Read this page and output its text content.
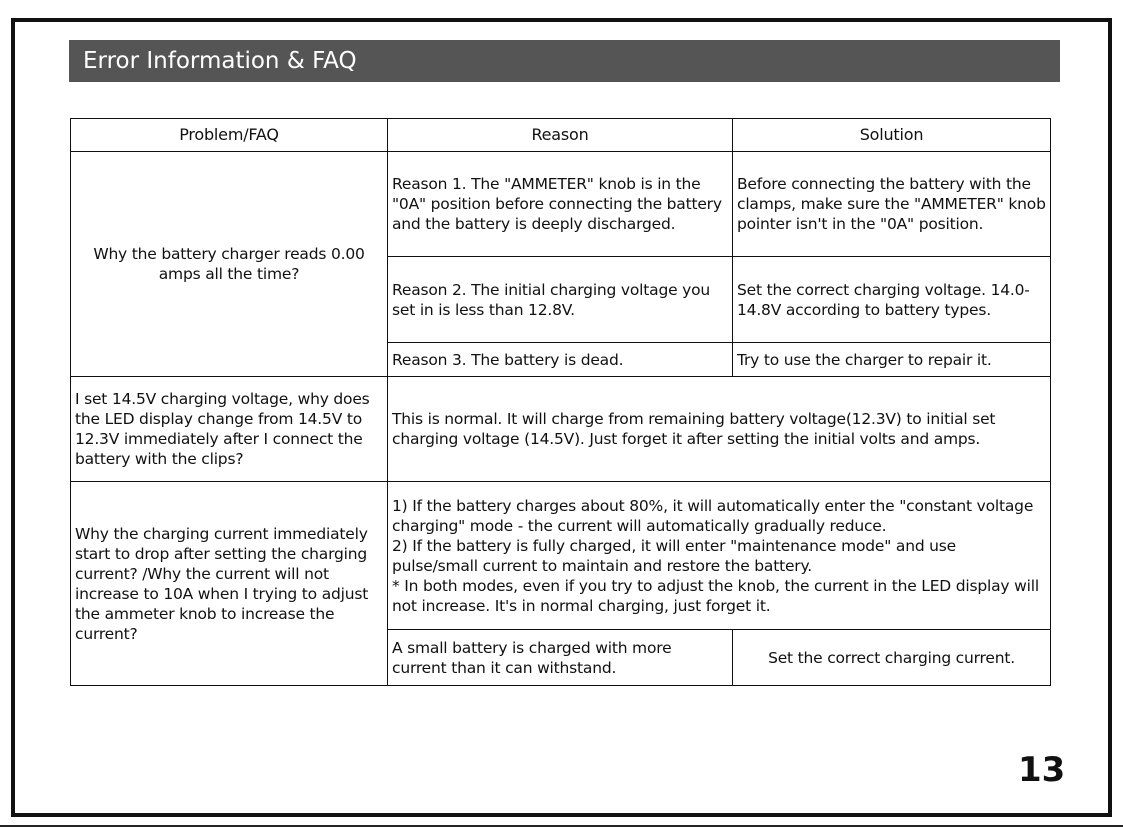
Error Information & FAQ
Problem/FAQ	Reason	Solution
Why the battery charger reads 0.00 amps all the time?	Reason 1. The "AMMETER" knob is in the "0A" position before connecting the battery and the battery is deeply discharged.	Before connecting the battery with the clamps, make sure the "AMMETER" knob pointer isn't in the "0A" position.
	Reason 2. The initial charging voltage you set in is less than 12.8V.	Set the correct charging voltage. 14.0-14.8V according to battery types.
	Reason 3. The battery is dead.	Try to use the charger to repair it.
I set 14.5V charging voltage, why does the LED display change from 14.5V to 12.3V immediately after I connect the battery with the clips?	This is normal. It will charge from remaining battery voltage(12.3V) to initial set charging voltage (14.5V). Just forget it after setting the initial volts and amps.	
Why the charging current immediately start to drop after setting the charging current? /Why the current will not increase to 10A when I trying to adjust the ammeter knob to increase the current?	1) If the battery charges about 80%, it will automatically enter the "constant voltage charging" mode - the current will automatically gradually reduce.
2) If the battery is fully charged, it will enter "maintenance mode" and use pulse/small current to maintain and restore the battery.
* In both modes, even if you try to adjust the knob, the current in the LED display will not increase. It's in normal charging, just forget it.	

	A small battery is charged with more current than it can withstand.	Set the correct charging current.
13
